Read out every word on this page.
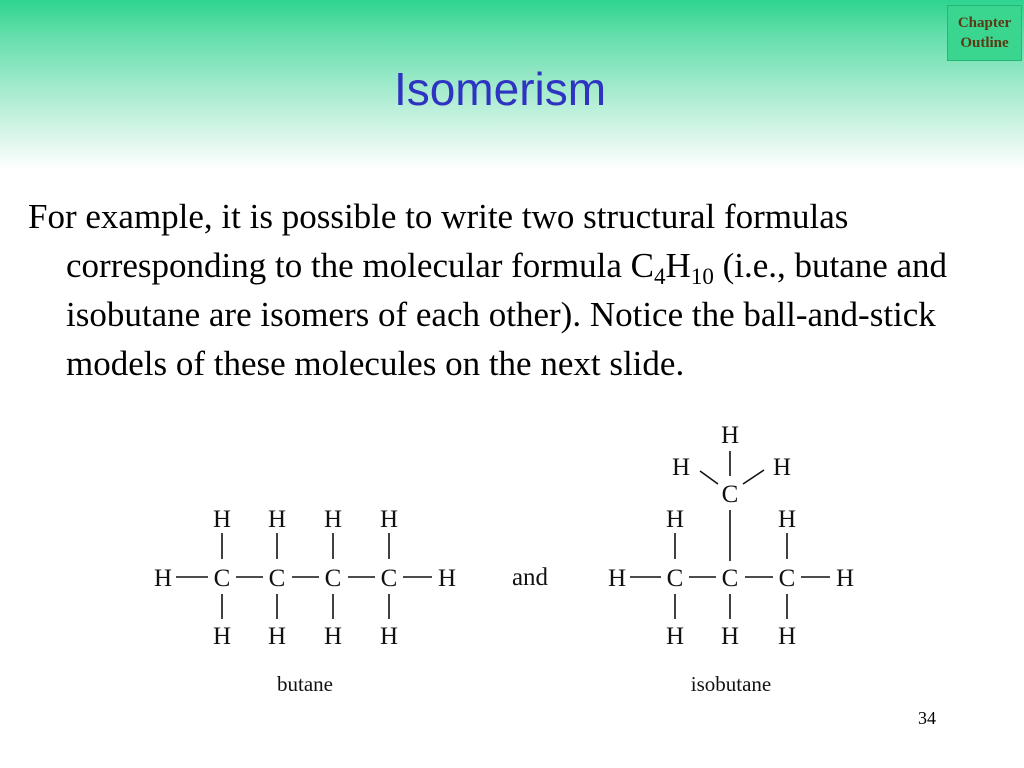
Chapter
Outline
Isomerism

For example, it is possible to write two structural formulas corresponding to the molecular formula $C_4H_{10}$ (i.e., butane and isobutane are isomers of each other). Notice the ball-and-stick models of these molecules on the next slide.

H H H H
H C C C C H
H H H H
butane
and
H
H	H
C
H	H
H C C C H
H H H
isobutane
34
